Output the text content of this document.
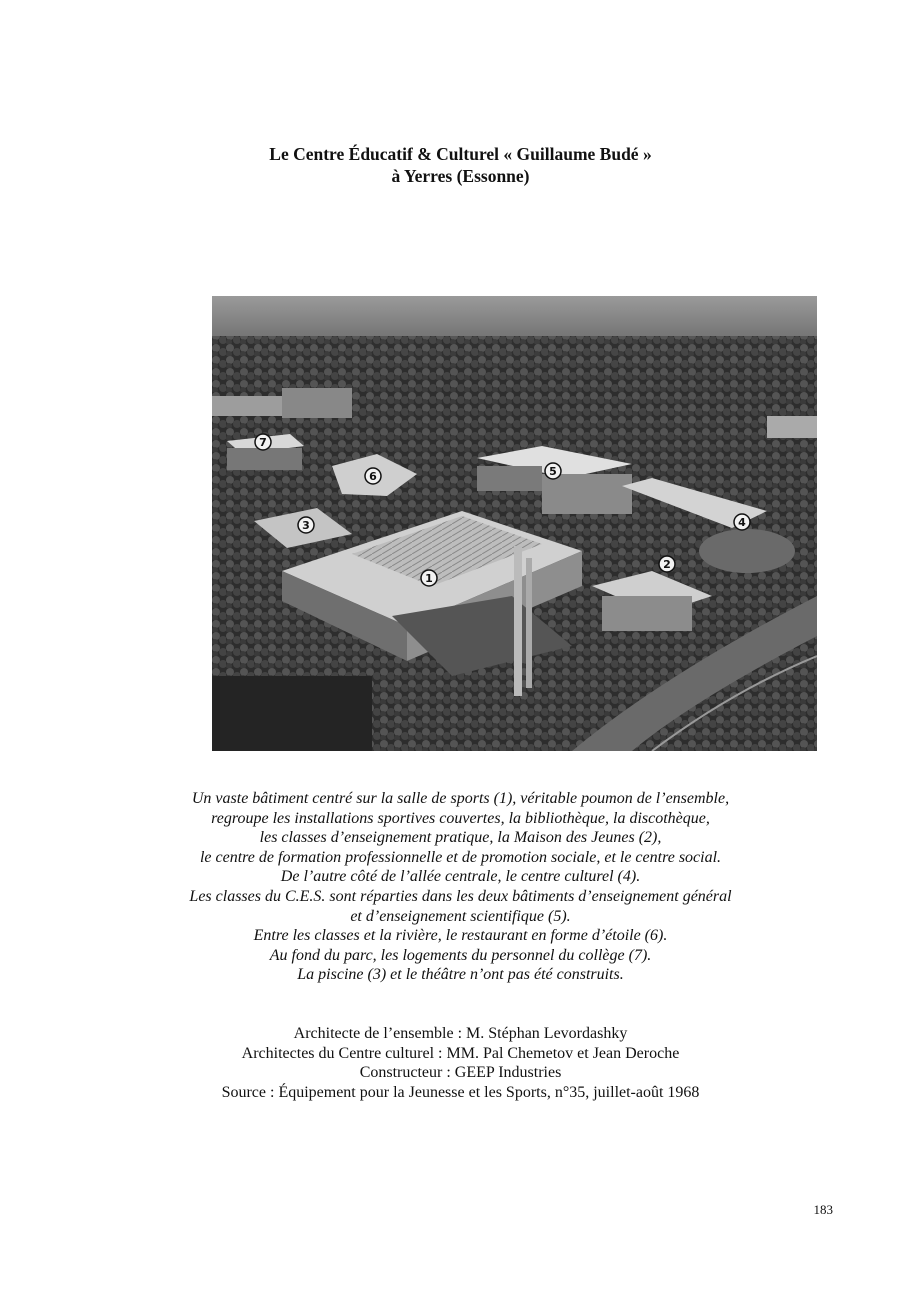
Le Centre Éducatif & Culturel « Guillaume Budé »
à Yerres (Essonne)
1
2
3	4
5
6
7
Un vaste bâtiment centré sur la salle de sports (1), véritable poumon de l’ensemble,
regroupe les installations sportives couvertes, la bibliothèque, la discothèque,
les classes d’enseignement pratique, la Maison des Jeunes (2),
le centre de formation professionnelle et de promotion sociale, et le centre social.
De l’autre côté de l’allée centrale, le centre culturel (4).
Les classes du C.E.S. sont réparties dans les deux bâtiments d’enseignement général
et d’enseignement scientifique (5).
Entre les classes et la rivière, le restaurant en forme d’étoile (6).
Au fond du parc, les logements du personnel du collège (7).
La piscine (3) et le théâtre n’ont pas été construits.
Architecte de l’ensemble : M. Stéphan Levordashky
Architectes du Centre culturel : MM. Pal Chemetov et Jean Deroche
Constructeur : GEEP Industries
Source : Équipement pour la Jeunesse et les Sports, n°35, juillet-août 1968
183
